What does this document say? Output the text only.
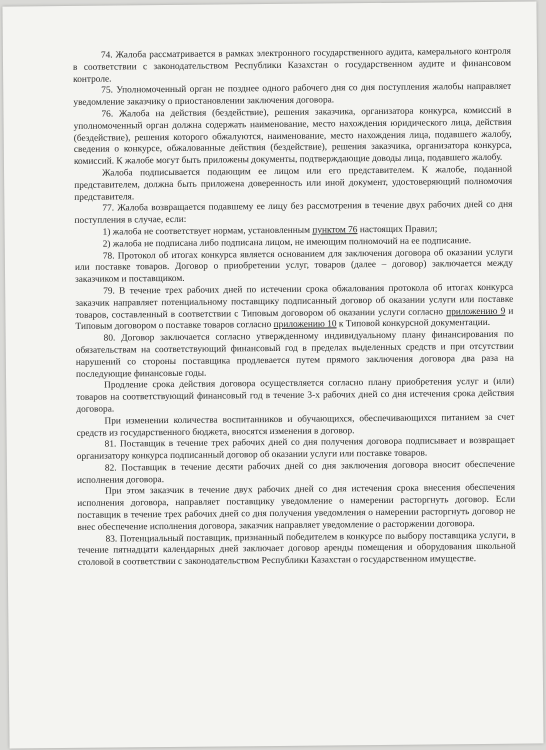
74. Жалоба рассматривается в рамках электронного государственного аудита, камерального контроля в соответствии с законодательством Республики Казахстан о государственном аудите и финансовом контроле.

75. Уполномоченный орган не позднее одного рабочего дня со дня поступления жалобы направляет уведомление заказчику о приостановлении заключения договора.

76. Жалоба на действия (бездействие), решения заказчика, организатора конкурса, комиссий в уполномоченный орган должна содержать наименование, место нахождения юридического лица, действия (бездействие), решения которого обжалуются, наименование, место нахождения лица, подавшего жалобу, сведения о конкурсе, обжалованные действия (бездействие), решения заказчика, организатора конкурса, комиссий. К жалобе могут быть приложены документы, подтверждающие доводы лица, подавшего жалобу.

Жалоба подписывается подающим ее лицом или его представителем. К жалобе, поданной представителем, должна быть приложена доверенность или иной документ, удостоверяющий полномочия представителя.

77. Жалоба возвращается подавшему ее лицу без рассмотрения в течение двух рабочих дней со дня поступления в случае, если:

1) жалоба не соответствует нормам, установленным пунктом 76 настоящих Правил;

2) жалоба не подписана либо подписана лицом, не имеющим полномочий на ее подписание.

78. Протокол об итогах конкурса является основанием для заключения договора об оказании услуги или поставке товаров. Договор о приобретении услуг, товаров (далее – договор) заключается между заказчиком и поставщиком.

79. В течение трех рабочих дней по истечении срока обжалования протокола об итогах конкурса заказчик направляет потенциальному поставщику подписанный договор об оказании услуги или поставке товаров, составленный в соответствии с Типовым договором об оказании услуги согласно приложению 9 и Типовым договором о поставке товаров согласно приложению 10 к Типовой конкурсной документации.

80. Договор заключается согласно утвержденному индивидуальному плану финансирования по обязательствам на соответствующий финансовый год в пределах выделенных средств и при отсутствии нарушений со стороны поставщика продлевается путем прямого заключения договора два раза на последующие финансовые годы.

Продление срока действия договора осуществляется согласно плану приобретения услуг и (или) товаров на соответствующий финансовый год в течение 3-х рабочих дней со дня истечения срока действия договора.

При изменении количества воспитанников и обучающихся, обеспечивающихся питанием за счет средств из государственного бюджета, вносятся изменения в договор.

81. Поставщик в течение трех рабочих дней со дня получения договора подписывает и возвращает организатору конкурса подписанный договор об оказании услуги или поставке товаров.

82. Поставщик в течение десяти рабочих дней со дня заключения договора вносит обеспечение исполнения договора.

При этом заказчик в течение двух рабочих дней со дня истечения срока внесения обеспечения исполнения договора, направляет поставщику уведомление о намерении расторгнуть договор. Если поставщик в течение трех рабочих дней со дня получения уведомления о намерении расторгнуть договор не внес обеспечение исполнения договора, заказчик направляет уведомление о расторжении договора.

83. Потенциальный поставщик, признанный победителем в конкурсе по выбору поставщика услуги, в течение пятнадцати календарных дней заключает договор аренды помещения и оборудования школьной столовой в соответствии с законодательством Республики Казахстан о государственном имуществе.
